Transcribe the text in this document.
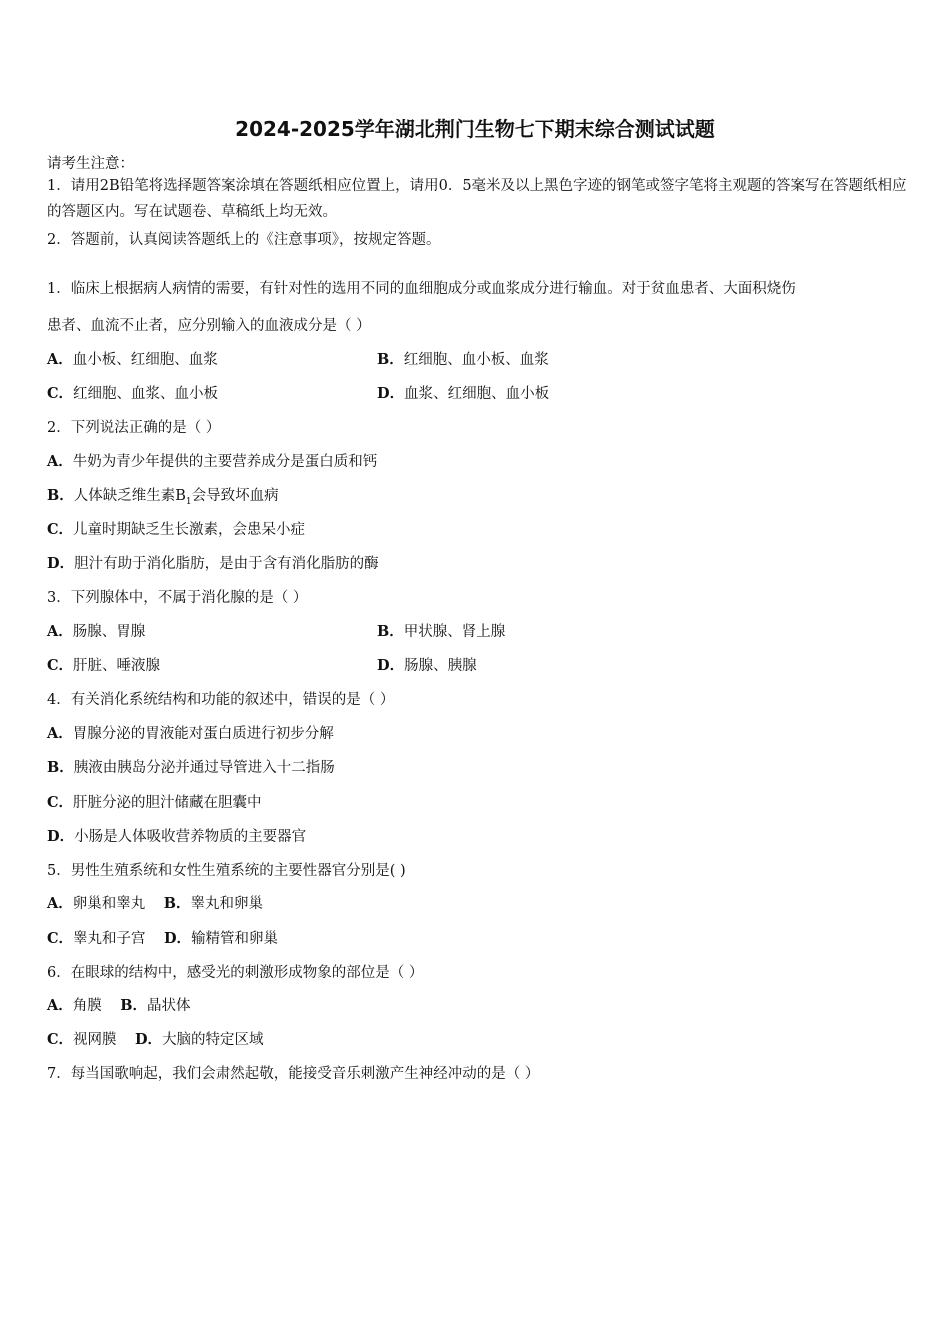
2024-2025学年湖北荆门生物七下期末综合测试试题
请考生注意：
1．请用2B铅笔将选择题答案涂填在答题纸相应位置上，请用0．5毫米及以上黑色字迹的钢笔或签字笔将主观题的答案写在答题纸相应的答题区内。写在试题卷、草稿纸上均无效。
2．答题前，认真阅读答题纸上的《注意事项》，按规定答题。
1．临床上根据病人病情的需要，有针对性的选用不同的血细胞成分或血浆成分进行输血。对于贫血患者、大面积烧伤
患者、血流不止者，应分别输入的血液成分是（ ）
A．血小板、红细胞、血浆	B．红细胞、血小板、血浆
C．红细胞、血浆、血小板	D．血浆、红细胞、血小板
2．下列说法正确的是（ ）
A．牛奶为青少年提供的主要营养成分是蛋白质和钙
B．人体缺乏维生素$B_1$会导致坏血病
C．儿童时期缺乏生长激素，会患呆小症
D．胆汁有助于消化脂肪，是由于含有消化脂肪的酶
3．下列腺体中，不属于消化腺的是（ ）
A．肠腺、胃腺	B．甲状腺、肾上腺
C．肝脏、唾液腺	D．肠腺、胰腺
4．有关消化系统结构和功能的叙述中，错误的是（ ）
A．胃腺分泌的胃液能对蛋白质进行初步分解
B．胰液由胰岛分泌并通过导管进入十二指肠
C．肝脏分泌的胆汁储藏在胆囊中
D．小肠是人体吸收营养物质的主要器官
5．男性生殖系统和女性生殖系统的主要性器官分别是( )
A．卵巢和睾丸 B．睾丸和卵巢
C．睾丸和子宫 D．输精管和卵巢
6．在眼球的结构中，感受光的刺激形成物象的部位是（ ）
A．角膜 B．晶状体
C．视网膜 D．大脑的特定区域
7．每当国歌响起，我们会肃然起敬，能接受音乐刺激产生神经冲动的是（ ）
